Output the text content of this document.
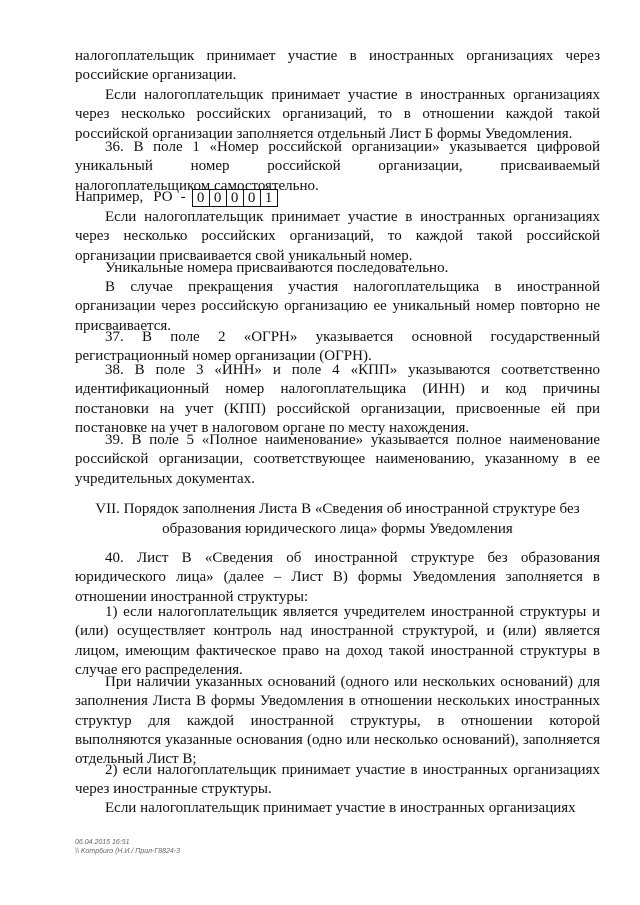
налогоплательщик принимает участие в иностранных организациях через российские организации.
Если налогоплательщик принимает участие в иностранных организациях через несколько российских организаций, то в отношении каждой такой российской организации заполняется отдельный Лист Б формы Уведомления.
36. В поле 1 «Номер российской организации» указывается цифровой уникальный номер российской организации, присваиваемый налогоплательщиком самостоятельно.
Например, РО - 0 0 0 0 1
Если налогоплательщик принимает участие в иностранных организациях через несколько российских организаций, то каждой такой российской организации присваивается свой уникальный номер.
Уникальные номера присваиваются последовательно.
В случае прекращения участия налогоплательщика в иностранной организации через российскую организацию ее уникальный номер повторно не присваивается.
37. В поле 2 «ОГРН» указывается основной государственный регистрационный номер организации (ОГРН).
38. В поле 3 «ИНН» и поле 4 «КПП» указываются соответственно идентификационный номер налогоплательщика (ИНН) и код причины постановки на учет (КПП) российской организации, присвоенные ей при постановке на учет в налоговом органе по месту нахождения.
39. В поле 5 «Полное наименование» указывается полное наименование российской организации, соответствующее наименованию, указанному в ее учредительных документах.
VII. Порядок заполнения Листа В «Сведения об иностранной структуре без
образования юридического лица» формы Уведомления
40. Лист В «Сведения об иностранной структуре без образования юридического лица» (далее – Лист В) формы Уведомления заполняется в отношении иностранной структуры:
1) если налогоплательщик является учредителем иностранной структуры и (или) осуществляет контроль над иностранной структурой, и (или) является лицом, имеющим фактическое право на доход такой иностранной структуры в случае его распределения.
При наличии указанных оснований (одного или нескольких оснований) для заполнения Листа В формы Уведомления в отношении нескольких иностранных структур для каждой иностранной структуры, в отношении которой выполняются указанные основания (одно или несколько оснований), заполняется отдельный Лист В;
2) если налогоплательщик принимает участие в иностранных организациях через иностранные структуры.
Если налогоплательщик принимает участие в иностранных организациях
06.04.2015 16:51
\\ Komp6uro (Н.И./ Прил-Г8824-3
